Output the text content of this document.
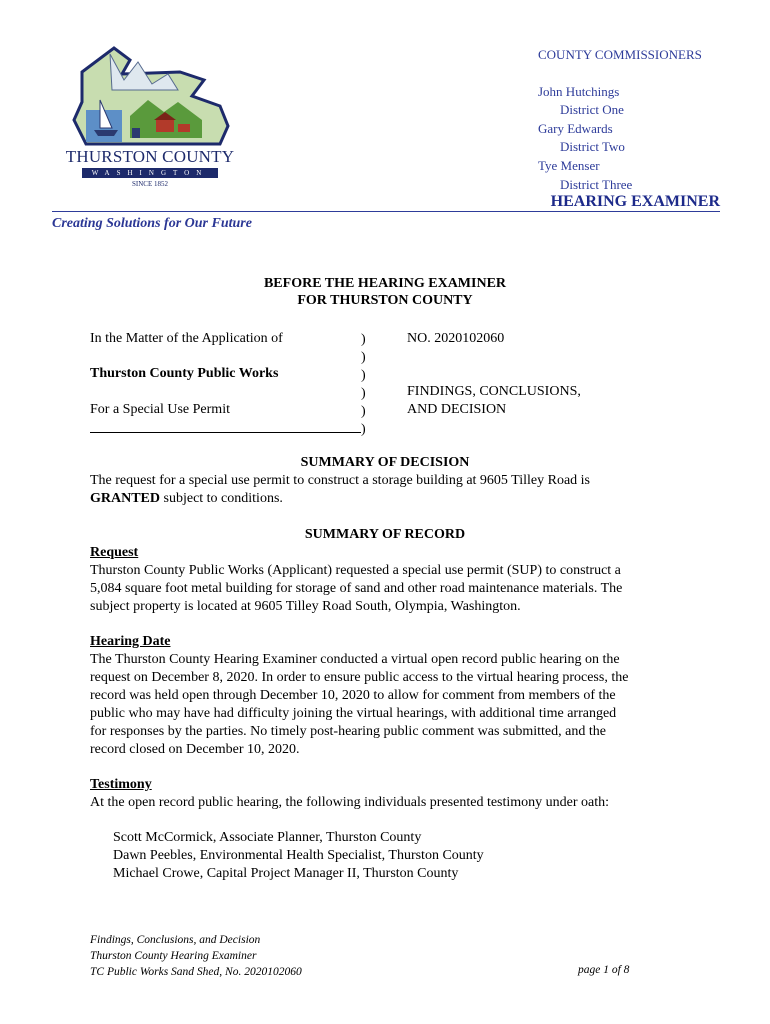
THURSTON COUNTY
WASHINGTON
SINCE 1852
COUNTY COMMISSIONERS
John Hutchings
District One
Gary Edwards
District Two
Tye Menser
District Three
HEARING EXAMINER
Creating Solutions for Our Future
BEFORE THE HEARING EXAMINER
FOR THURSTON COUNTY
In the Matter of the Application of
Thurston County Public Works
For a Special Use Permit
)
)
)
)
)
)
NO. 2020102060
FINDINGS, CONCLUSIONS,
AND DECISION
SUMMARY OF DECISION
The request for a special use permit to construct a storage building at 9605 Tilley Road is
GRANTED subject to conditions.
SUMMARY OF RECORD
Request
Thurston County Public Works (Applicant) requested a special use permit (SUP) to construct a
5,084 square foot metal building for storage of sand and other road maintenance materials. The
subject property is located at 9605 Tilley Road South, Olympia, Washington.
Hearing Date
The Thurston County Hearing Examiner conducted a virtual open record public hearing on the
request on December 8, 2020. In order to ensure public access to the virtual hearing process, the
record was held open through December 10, 2020 to allow for comment from members of the
public who may have had difficulty joining the virtual hearings, with additional time arranged
for responses by the parties. No timely post-hearing public comment was submitted, and the
record closed on December 10, 2020.
Testimony
At the open record public hearing, the following individuals presented testimony under oath:
Scott McCormick, Associate Planner, Thurston County
Dawn Peebles, Environmental Health Specialist, Thurston County
Michael Crowe, Capital Project Manager II, Thurston County
Findings, Conclusions, and Decision
Thurston County Hearing Examiner
TC Public Works Sand Shed, No. 2020102060	page 1 of 8
